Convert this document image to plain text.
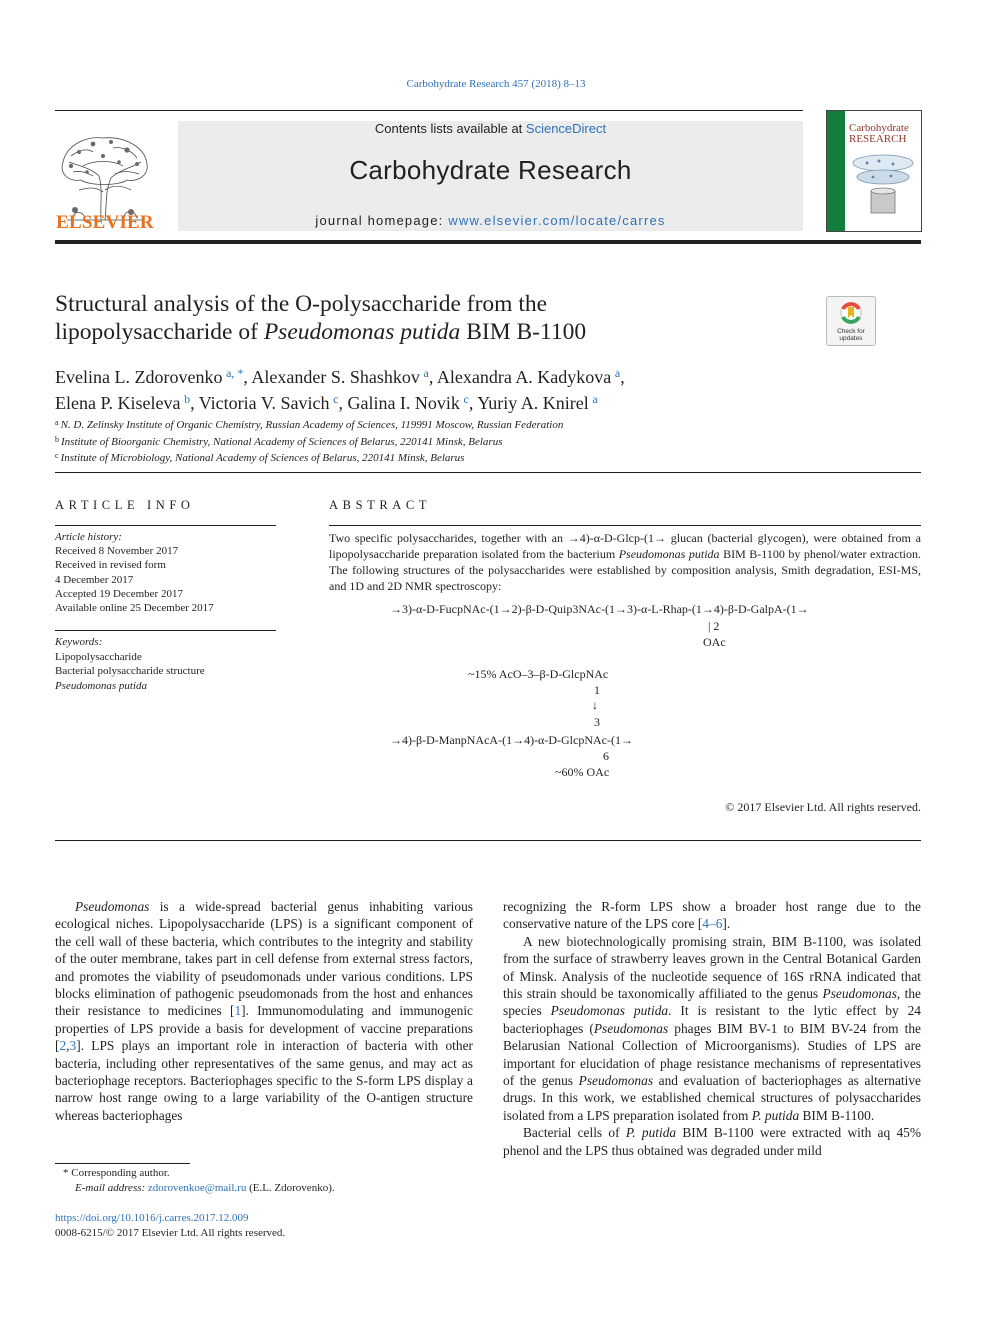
Carbohydrate Research 457 (2018) 8–13
ELSEVIER
Contents lists available at ScienceDirect
Carbohydrate Research
journal homepage: www.elsevier.com/locate/carres
Carbohydrate RESEARCH
Structural analysis of the O-polysaccharide from the
lipopolysaccharide of Pseudomonas putida BIM B-1100	Check for
updates
Evelina L. Zdorovenko  $^{a, *}$, Alexander S. Shashkov  $^a$, Alexandra A. Kadykova  $^a$,
Elena P. Kiseleva  $^b$, Victoria V. Savich  $^c$, Galina I. Novik  $^c$, Yuriy A. Knirel  $^a$
$^a$ N. D. Zelinsky Institute of Organic Chemistry, Russian Academy of Sciences, 119991 Moscow, Russian Federation
$^b$ Institute of Bioorganic Chemistry, National Academy of Sciences of Belarus, 220141 Minsk, Belarus
$^c$ Institute of Microbiology, National Academy of Sciences of Belarus, 220141 Minsk, Belarus
ARTICLE INFO
Article history:
Received 8 November 2017
Received in revised form
4 December 2017
Accepted 19 December 2017
Available online 25 December 2017
Keywords:
Lipopolysaccharide
Bacterial polysaccharide structure
Pseudomonas putida
ABSTRACT
Two specific polysaccharides, together with an →4)-α-D-Glcp-(1→ glucan (bacterial glycogen), were obtained from a lipopolysaccharide preparation isolated from the bacterium Pseudomonas putida BIM B-1100 by phenol/water extraction. The following structures of the polysaccharides were established by composition analysis, Smith degradation, ESI-MS, and 1D and 2D NMR spectroscopy:
→3)-α-D-FucpNAc-(1→2)-β-D-Quip3NAc-(1→3)-α-L-Rhap-(1→4)-β-D-GalpA-(1→
| 2
OAc
~15% AcO–3–β-D-GlcpNAc
1
↓
3
→4)-β-D-ManpNAcA-(1→4)-α-D-GlcpNAc-(1→
6
~60% OAc
© 2017 Elsevier Ltd. All rights reserved.

Pseudomonas is a wide-spread bacterial genus inhabiting various ecological niches. Lipopolysaccharide (LPS) is a significant component of the cell wall of these bacteria, which contributes to the integrity and stability of the outer membrane, takes part in cell defense from external stress factors, and promotes the viability of pseudomonads under various conditions. LPS blocks elimination of pathogenic pseudomonads from the host and enhances their resistance to medicines [1]. Immunomodulating and immunogenic properties of LPS provide a basis for development of vaccine preparations [2,3]. LPS plays an important role in interaction of bacteria with other bacteria, including other representatives of the same genus, and may act as bacteriophage receptors. Bacteriophages specific to the S-form LPS display a narrow host range owing to a large variability of the O-antigen structure whereas bacteriophages

recognizing the R-form LPS show a broader host range due to the conservative nature of the LPS core [4–6].

A new biotechnologically promising strain, BIM B-1100, was isolated from the surface of strawberry leaves grown in the Central Botanical Garden of Minsk. Analysis of the nucleotide sequence of 16S rRNA indicated that this strain should be taxonomically affiliated to the genus Pseudomonas, the species Pseudomonas putida. It is resistant to the lytic effect by 24 bacteriophages (Pseudomonas phages BIM BV-1 to BIM BV-24 from the Belarusian National Collection of Microorganisms). Studies of LPS are important for elucidation of phage resistance mechanisms of representatives of the genus Pseudomonas and evaluation of bacteriophages as alternative drugs. In this work, we established chemical structures of polysaccharides isolated from a LPS preparation isolated from P. putida BIM B-1100.

Bacterial cells of P. putida BIM B-1100 were extracted with aq 45% phenol and the LPS thus obtained was degraded under mild

* Corresponding author.
E-mail address: zdorovenkoe@mail.ru (E.L. Zdorovenko).
https://doi.org/10.1016/j.carres.2017.12.009
0008-6215/© 2017 Elsevier Ltd. All rights reserved.
